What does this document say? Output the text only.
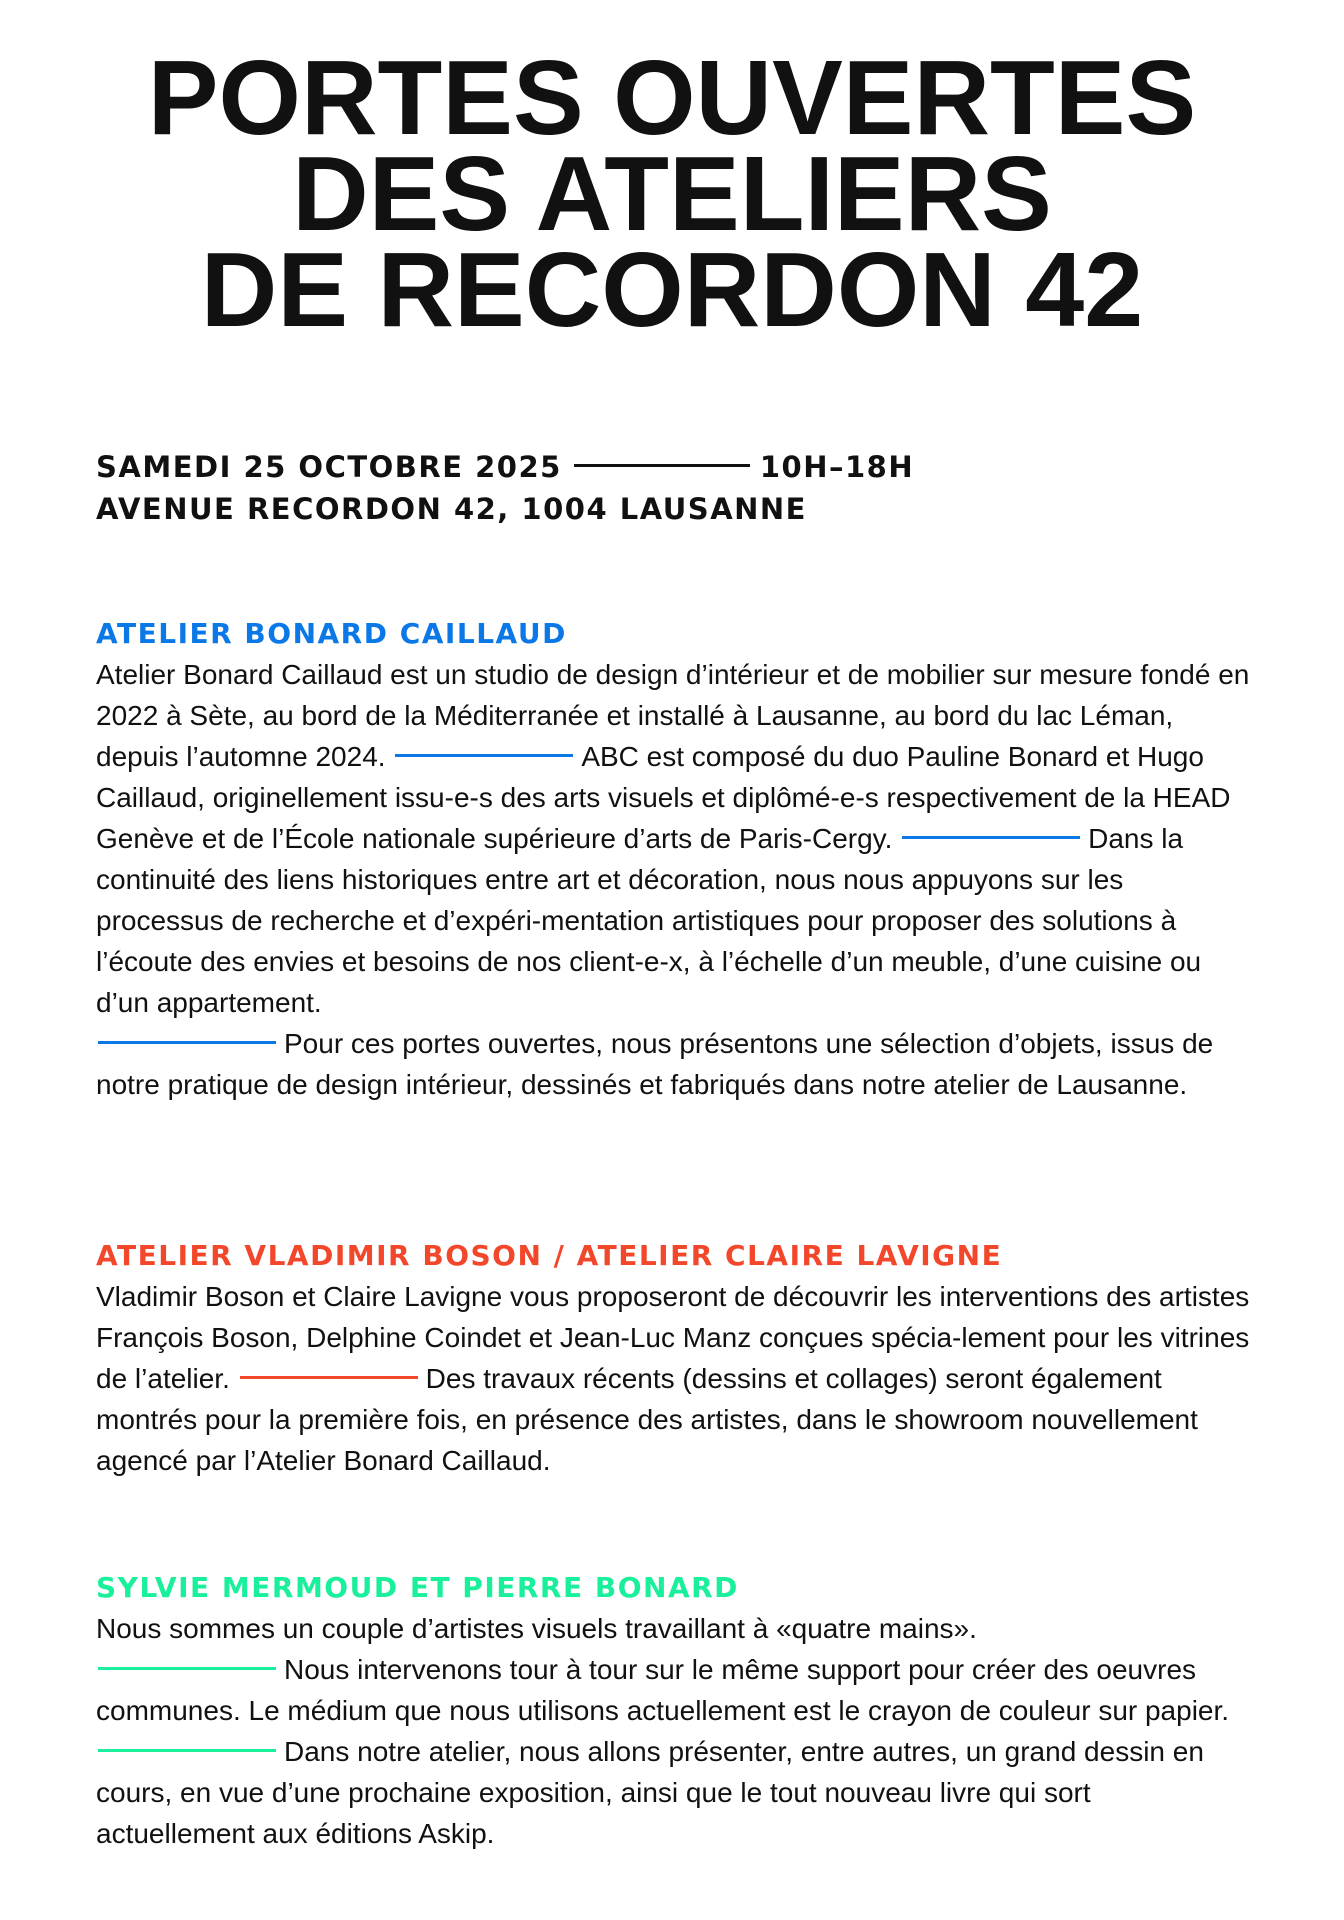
PORTES OUVERTES
DES ATELIERS
DE RECORDON 42
SAMEDI 25 OCTOBRE 2025	10H–18H
AVENUE RECORDON 42, 1004 LAUSANNE
ATELIER BONARD CAILLAUD

Atelier Bonard Caillaud est un studio de design d’intérieur et de mobilier sur mesure fondé en 2022 à Sète, au bord de la Méditerranée et installé à Lausanne, au bord du lac Léman, depuis l’automne 2024.	ABC est composé du duo Pauline Bonard et Hugo Caillaud, originellement issu-e-s des arts visuels et diplômé-e-s respectivement de la HEAD Genève et de l’École nationale supérieure d’arts de Paris-Cergy.	Dans la continuité des liens historiques entre art et décoration, nous nous appuyons sur les processus de recherche et d’expéri-mentation artistiques pour proposer des solutions à l’écoute des envies et besoins de nos client-e-x, à l’échelle d’un meuble, d’une cuisine ou d’un appartement.
Pour ces portes ouvertes, nous présentons une sélection d’objets, issus de notre pratique de design intérieur, dessinés et fabriqués dans notre atelier de Lausanne.

ATELIER VLADIMIR BOSON / ATELIER CLAIRE LAVIGNE

Vladimir Boson et Claire Lavigne vous proposeront de découvrir les interventions des artistes François Boson, Delphine Coindet et Jean-Luc Manz conçues spécia-lement pour les vitrines de l’atelier.	Des travaux récents (dessins et collages) seront également montrés pour la première fois, en présence des artistes, dans le showroom nouvellement agencé par l’Atelier Bonard Caillaud.

SYLVIE MERMOUD ET PIERRE BONARD

Nous sommes un couple d’artistes visuels travaillant à «quatre mains».
Nous intervenons tour à tour sur le même support pour créer des oeuvres communes. Le médium que nous utilisons actuellement est le crayon de couleur sur papier. Dans notre atelier, nous allons présenter, entre autres, un grand dessin en cours, en vue d’une prochaine exposition, ainsi que le tout nouveau livre qui sort actuellement aux éditions Askip.
